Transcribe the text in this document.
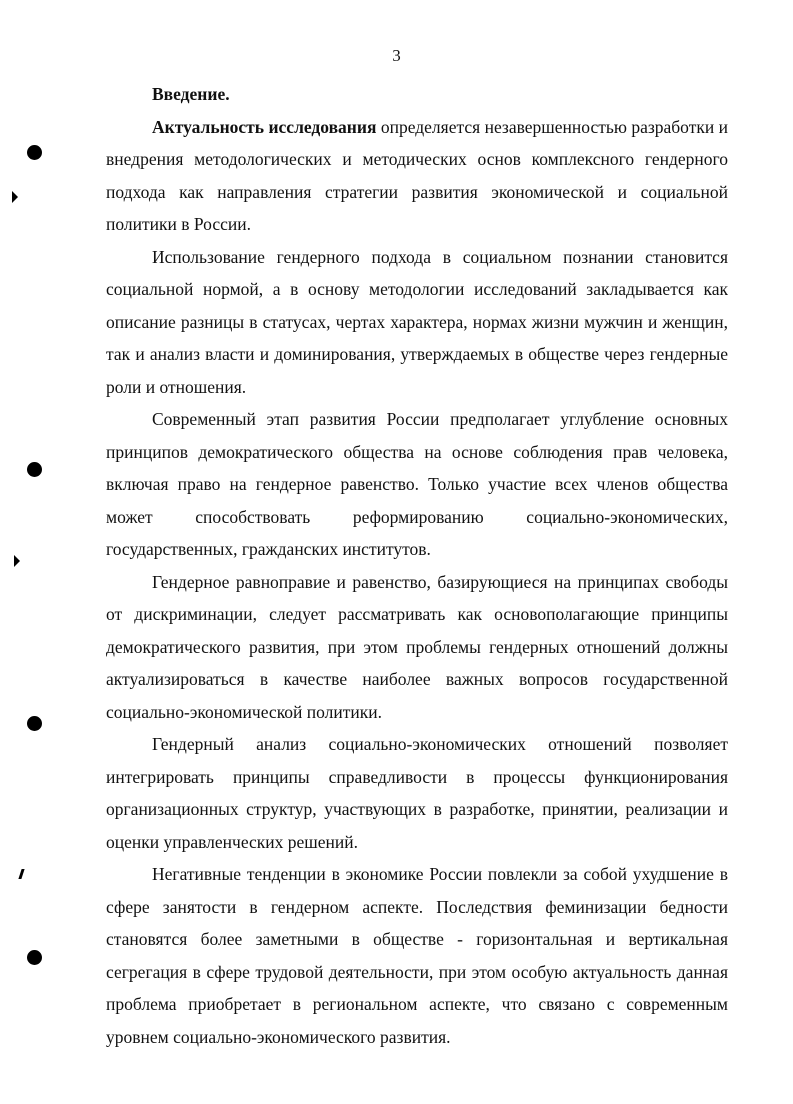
3

Введение.

Актуальность исследования определяется незавершенностью разработки и внедрения методологических и методических основ комплексного гендерного подхода как направления стратегии развития экономической и социальной политики в России.

Использование гендерного подхода в социальном познании становится социальной нормой, а в основу методологии исследований закладывается как описание разницы в статусах, чертах характера, нормах жизни мужчин и женщин, так и анализ власти и доминирования, утверждаемых в обществе через гендерные роли и отношения.

Современный этап развития России предполагает углубление основных принципов демократического общества на основе соблюдения прав человека, включая право на гендерное равенство. Только участие всех членов общества может способствовать реформированию социально-экономических, государственных, гражданских институтов.

Гендерное равноправие и равенство, базирующиеся на принципах свободы от дискриминации, следует рассматривать как основополагающие принципы демократического развития, при этом проблемы гендерных отношений должны актуализироваться в качестве наиболее важных вопросов государственной социально-экономической политики.

Гендерный анализ социально-экономических отношений позволяет интегрировать принципы справедливости в процессы функционирования организационных структур, участвующих в разработке, принятии, реализации и оценки управленческих решений.

Негативные тенденции в экономике России повлекли за собой ухудшение в сфере занятости в гендерном аспекте. Последствия феминизации бедности становятся более заметными в обществе - горизонтальная и вертикальная сегрегация в сфере трудовой деятельности, при этом особую актуальность данная проблема приобретает в региональном аспекте, что связано с современным уровнем социально-экономического развития.
